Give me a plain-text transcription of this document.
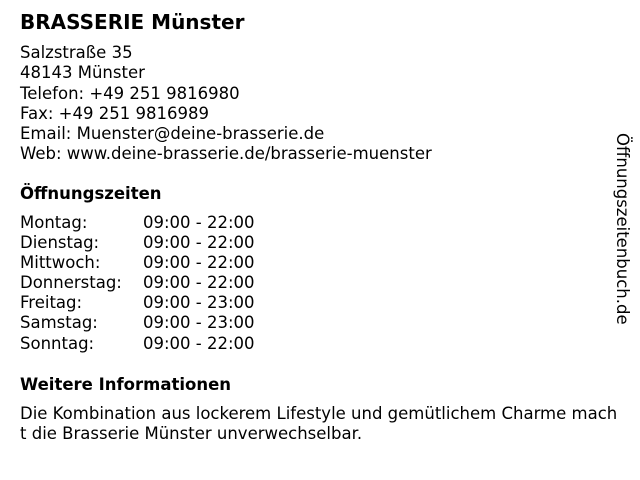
BRASSERIE Münster
Salzstraße 35
48143 Münster
Telefon: +49 251 9816980
Fax: +49 251 9816989
Email: Muenster@deine-brasserie.de
Web: www.deine-brasserie.de/brasserie-muenster
Öffnungszeiten
Montag:	09:00 - 22:00
Dienstag:	09:00 - 22:00
Mittwoch:	09:00 - 22:00
Donnerstag: 09:00 - 22:00
Freitag:	09:00 - 23:00
Samstag:	09:00 - 23:00
Sonntag:	09:00 - 22:00
Weitere Informationen
Die Kombination aus lockerem Lifestyle und gemütlichem Charme macht die Brasserie Münster unverwechselbar.
Öffnungszeitenbuch.de
